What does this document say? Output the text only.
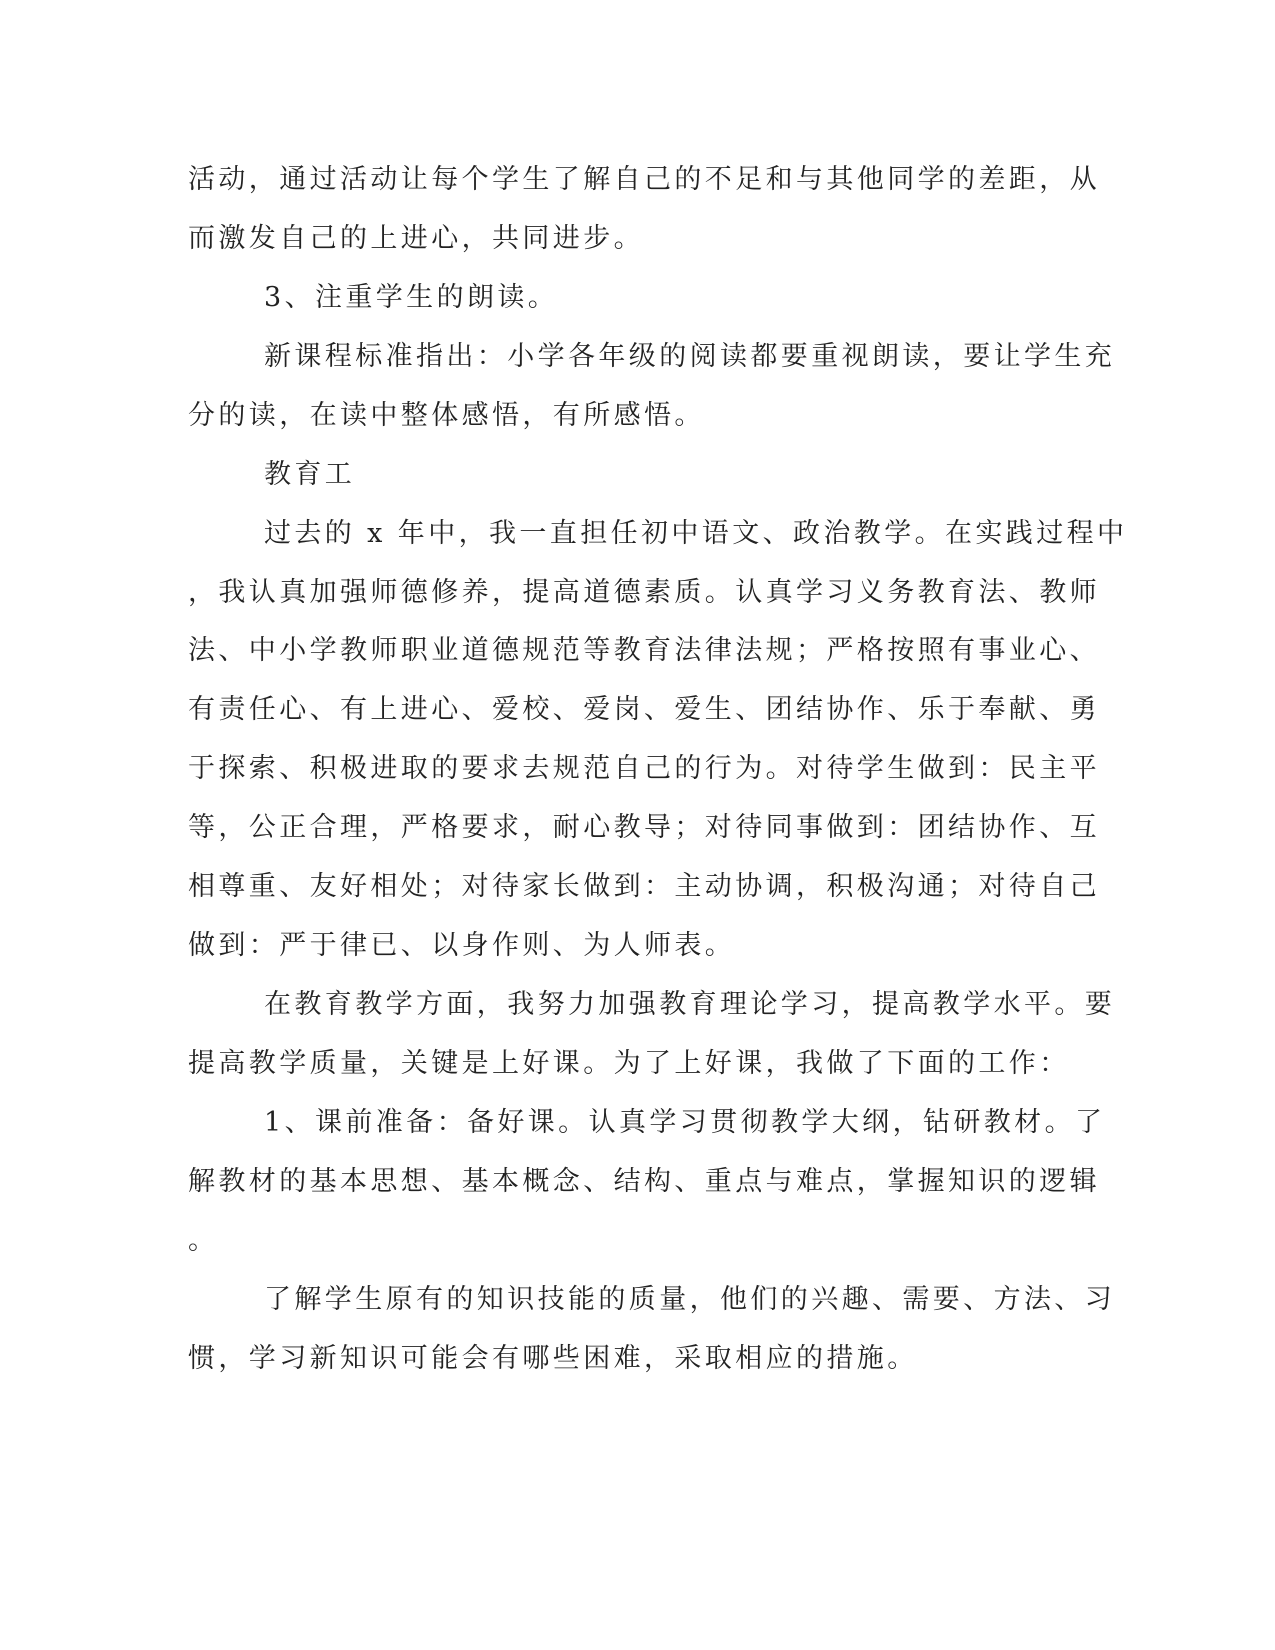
活动，通过活动让每个学生了解自己的不足和与其他同学的差距，从
而激发自己的上进心，共同进步。
3、注重学生的朗读。
新课程标准指出：小学各年级的阅读都要重视朗读，要让学生充
分的读，在读中整体感悟，有所感悟。
教育工
过去的 x 年中，我一直担任初中语文、政治教学。在实践过程中
，我认真加强师德修养，提高道德素质。认真学习义务教育法、教师
法、中小学教师职业道德规范等教育法律法规；严格按照有事业心、
有责任心、有上进心、爱校、爱岗、爱生、团结协作、乐于奉献、勇
于探索、积极进取的要求去规范自己的行为。对待学生做到：民主平
等，公正合理，严格要求，耐心教导；对待同事做到：团结协作、互
相尊重、友好相处；对待家长做到：主动协调，积极沟通；对待自己
做到：严于律已、以身作则、为人师表。
在教育教学方面，我努力加强教育理论学习，提高教学水平。要
提高教学质量，关键是上好课。为了上好课，我做了下面的工作：
1、课前准备：备好课。认真学习贯彻教学大纲，钻研教材。了
解教材的基本思想、基本概念、结构、重点与难点，掌握知识的逻辑
。
了解学生原有的知识技能的质量，他们的兴趣、需要、方法、习
惯，学习新知识可能会有哪些困难，采取相应的措施。
